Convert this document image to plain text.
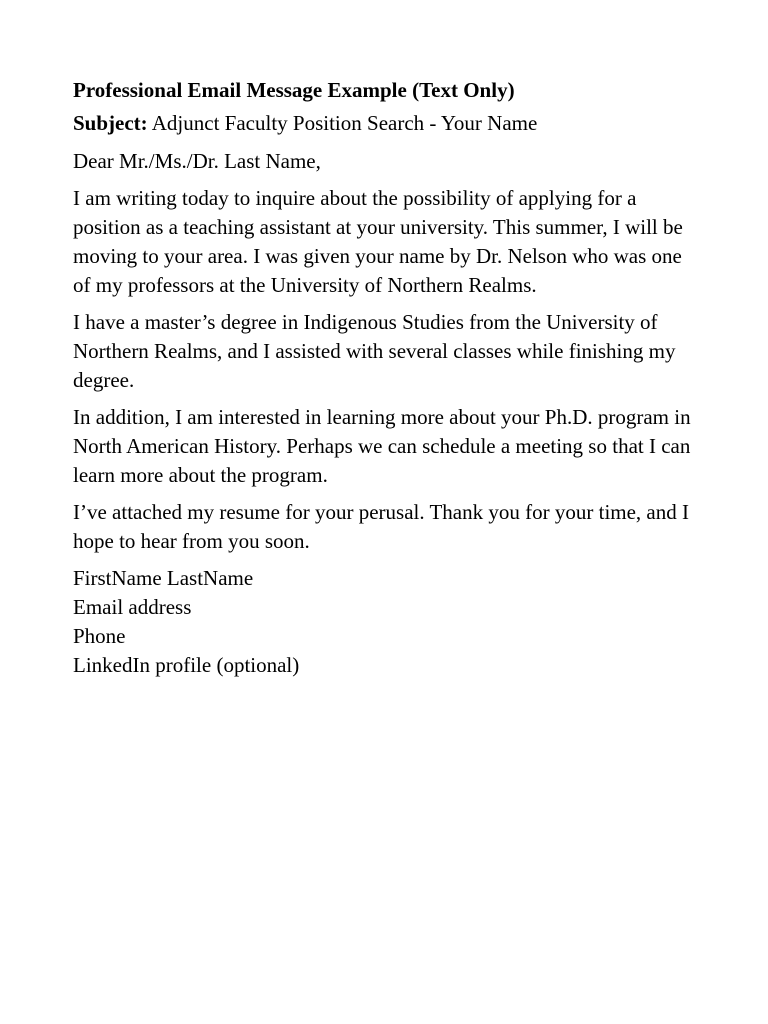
Professional Email Message Example (Text Only)
Subject: Adjunct Faculty Position Search - Your Name
Dear Mr./Ms./Dr. Last Name,
I am writing today to inquire about the possibility of applying for a position as a teaching assistant at your university. This summer, I will be moving to your area. I was given your name by Dr. Nelson who was one of my professors at the University of Northern Realms.
I have a master’s degree in Indigenous Studies from the University of Northern Realms, and I assisted with several classes while finishing my degree.
In addition, I am interested in learning more about your Ph.D. program in North American History. Perhaps we can schedule a meeting so that I can learn more about the program.
I’ve attached my resume for your perusal. Thank you for your time, and I hope to hear from you soon.
FirstName LastName
Email address
Phone
LinkedIn profile (optional)
